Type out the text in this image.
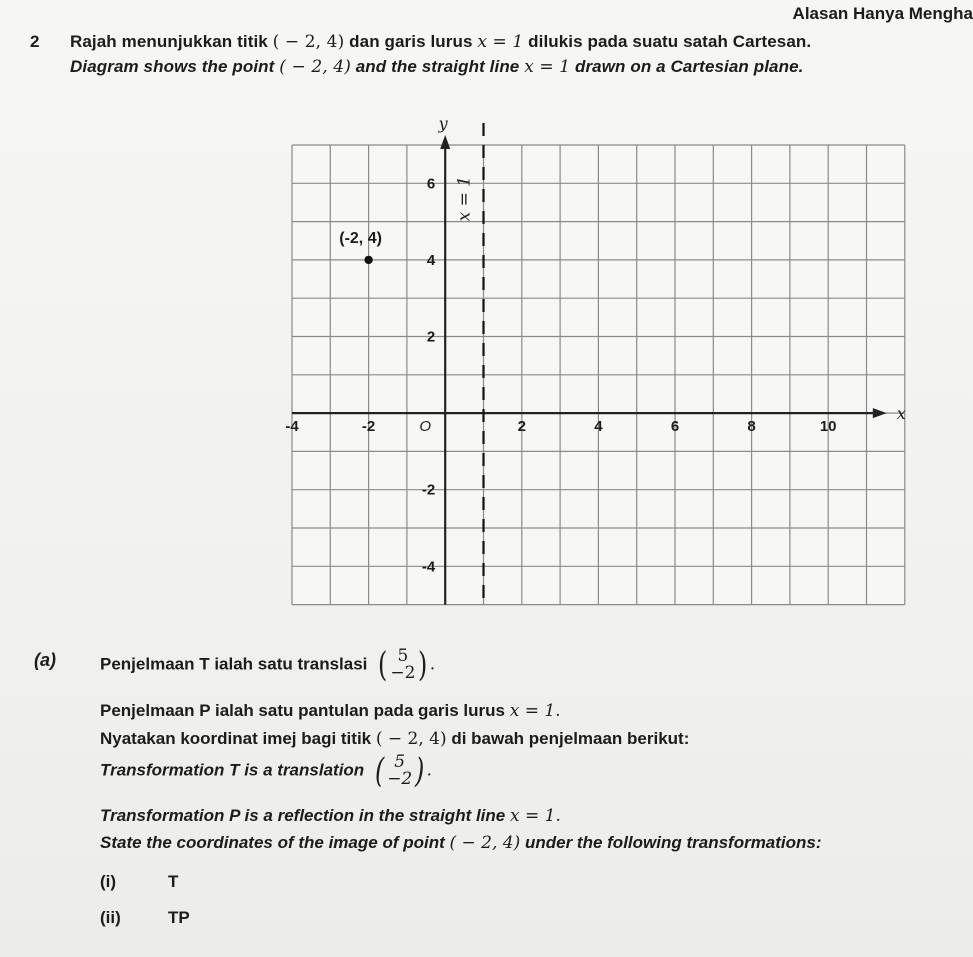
Alasan Hanya Mengha
2 Rajah menunjukkan titik ( − 2, 4) dan garis lurus x = 1 dilukis pada suatu satah Cartesan.
Diagram shows the point ( − 2, 4) and the straight line x = 1 drawn on a Cartesian plane.
x
y
-4	-2	2	4	6	8	10
O
6
4
2
-2
-4
x = 1
(-2, 4)
(a)	Penjelmaan T ialah satu translasi ( 5
−2 ) .
Penjelmaan P ialah satu pantulan pada garis lurus x = 1.
Nyatakan koordinat imej bagi titik ( − 2, 4) di bawah penjelmaan berikut:
Transformation T is a translation ( 5
−2 ) .
Transformation P is a reflection in the straight line x = 1.
State the coordinates of the image of point ( − 2, 4) under the following transformations:
(i)	T
(ii)	TP
